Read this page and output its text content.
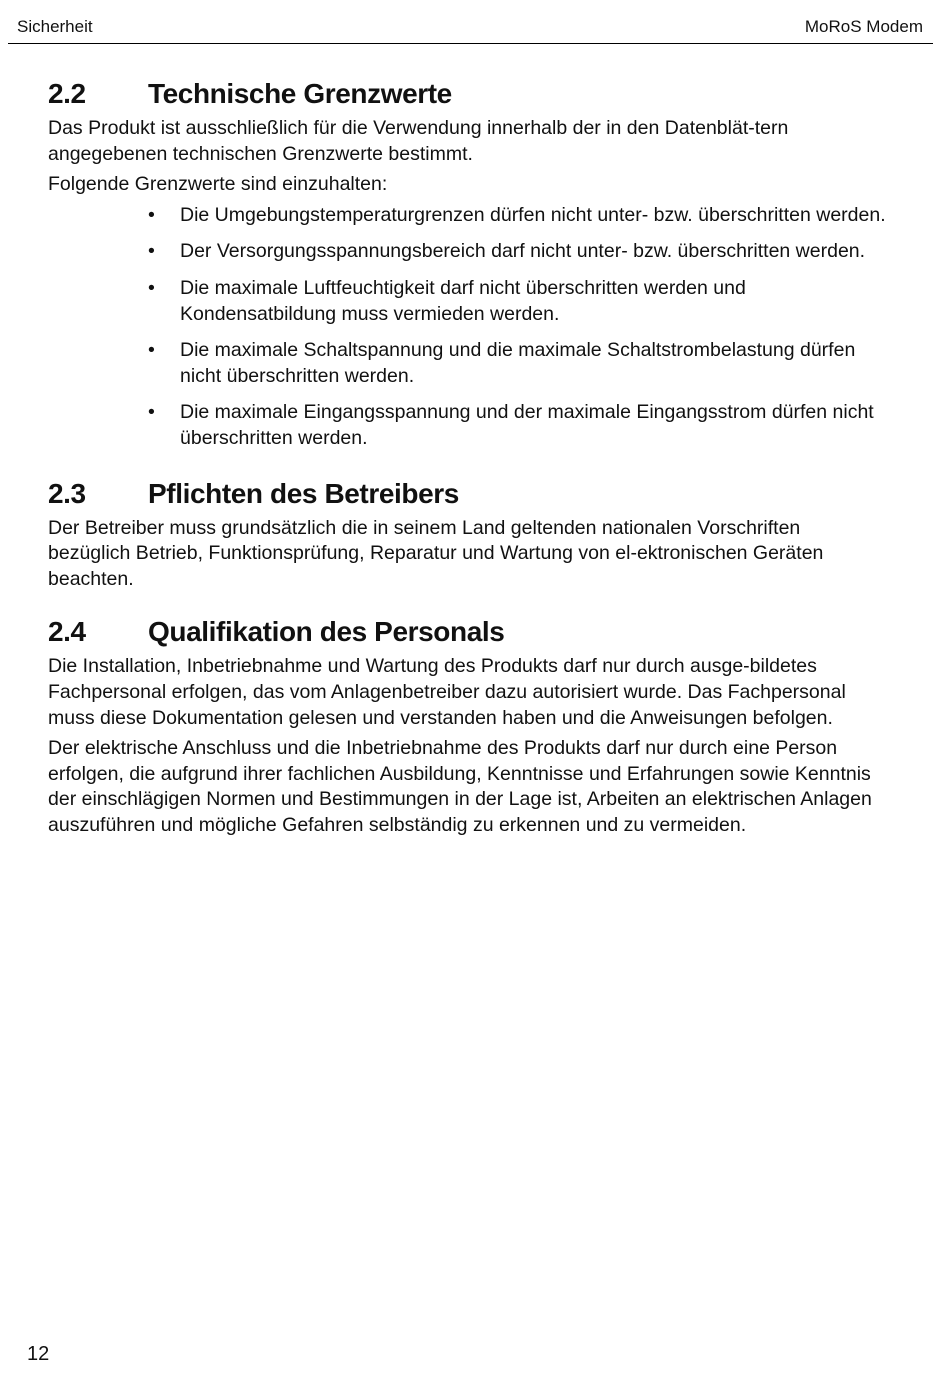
Sicherheit	MoRoS Modem
2.2	Technische Grenzwerte

Das Produkt ist ausschließlich für die Verwendung innerhalb der in den Datenblät-tern angegebenen technischen Grenzwerte bestimmt.

Folgende Grenzwerte sind einzuhalten:

• Die Umgebungstemperaturgrenzen dürfen nicht unter- bzw. überschritten werden.
• Der Versorgungsspannungsbereich darf nicht unter- bzw. überschritten werden.
• Die maximale Luftfeuchtigkeit darf nicht überschritten werden und Kondensatbildung muss vermieden werden.
• Die maximale Schaltspannung und die maximale Schaltstrombelastung dürfen nicht überschritten werden.
• Die maximale Eingangsspannung und der maximale Eingangsstrom dürfen nicht überschritten werden.
2.3	Pflichten des Betreibers

Der Betreiber muss grundsätzlich die in seinem Land geltenden nationalen Vorschriften bezüglich Betrieb, Funktionsprüfung, Reparatur und Wartung von el-ektronischen Geräten beachten.

2.4	Qualifikation des Personals

Die Installation, Inbetriebnahme und Wartung des Produkts darf nur durch ausge-bildetes Fachpersonal erfolgen, das vom Anlagenbetreiber dazu autorisiert wurde. Das Fachpersonal muss diese Dokumentation gelesen und verstanden haben und die Anweisungen befolgen.

Der elektrische Anschluss und die Inbetriebnahme des Produkts darf nur durch eine Person erfolgen, die aufgrund ihrer fachlichen Ausbildung, Kenntnisse und Erfahrungen sowie Kenntnis der einschlägigen Normen und Bestimmungen in der Lage ist, Arbeiten an elektrischen Anlagen auszuführen und mögliche Gefahren selbständig zu erkennen und zu vermeiden.

12
